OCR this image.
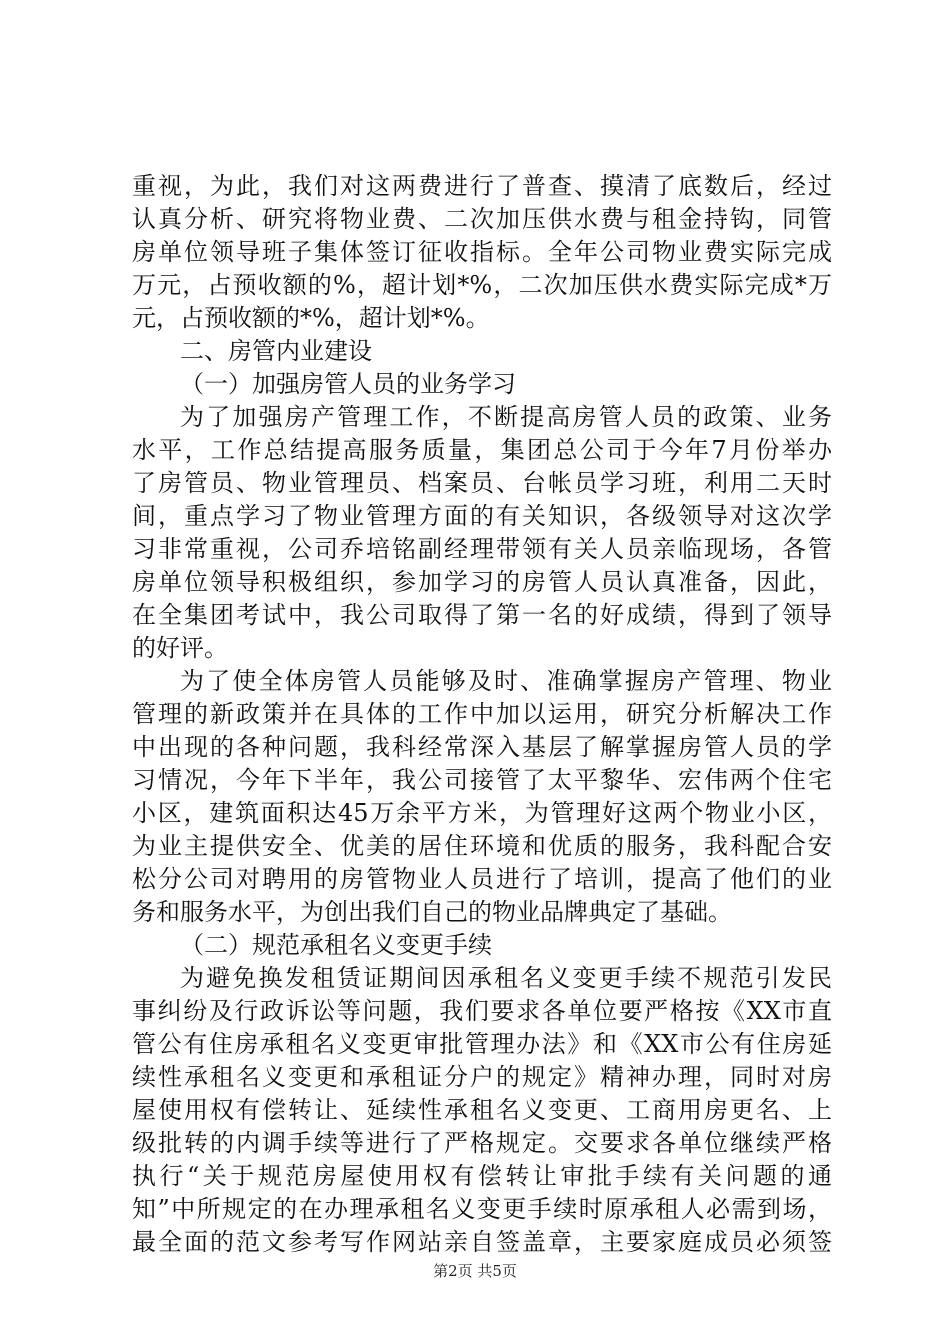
重视，为此，我们对这两费进行了普查、摸清了底数后，经过
认真分析、研究将物业费、二次加压供水费与租金持钩，同管
房单位领导班子集体签订征收指标。全年公司物业费实际完成
万元，占预收额的%，超计划*%，二次加压供水费实际完成*万
元，占预收额的*%，超计划*%。
二、房管内业建设
（一）加强房管人员的业务学习
为了加强房产管理工作，不断提高房管人员的政策、业务
水平，工作总结提高服务质量，集团总公司于今年7月份举办
了房管员、物业管理员、档案员、台帐员学习班，利用二天时
间，重点学习了物业管理方面的有关知识，各级领导对这次学
习非常重视，公司乔培铭副经理带领有关人员亲临现场，各管
房单位领导积极组织，参加学习的房管人员认真准备，因此，
在全集团考试中，我公司取得了第一名的好成绩，得到了领导
的好评。
为了使全体房管人员能够及时、准确掌握房产管理、物业
管理的新政策并在具体的工作中加以运用，研究分析解决工作
中出现的各种问题，我科经常深入基层了解掌握房管人员的学
习情况，今年下半年，我公司接管了太平黎华、宏伟两个住宅
小区，建筑面积达45万余平方米，为管理好这两个物业小区，
为业主提供安全、优美的居住环境和优质的服务，我科配合安
松分公司对聘用的房管物业人员进行了培训，提高了他们的业
务和服务水平，为创出我们自己的物业品牌典定了基础。
（二）规范承租名义变更手续
为避免换发租赁证期间因承租名义变更手续不规范引发民
事纠纷及行政诉讼等问题，我们要求各单位要严格按《XX市直
管公有住房承租名义变更审批管理办法》和《XX市公有住房延
续性承租名义变更和承租证分户的规定》精神办理，同时对房
屋使用权有偿转让、延续性承租名义变更、工商用房更名、上
级批转的内调手续等进行了严格规定。交要求各单位继续严格
执行“关于规范房屋使用权有偿转让审批手续有关问题的通
知”中所规定的在办理承租名义变更手续时原承租人必需到场，
最全面的范文参考写作网站亲自签盖章，主要家庭成员必须签
第2页 共5页
